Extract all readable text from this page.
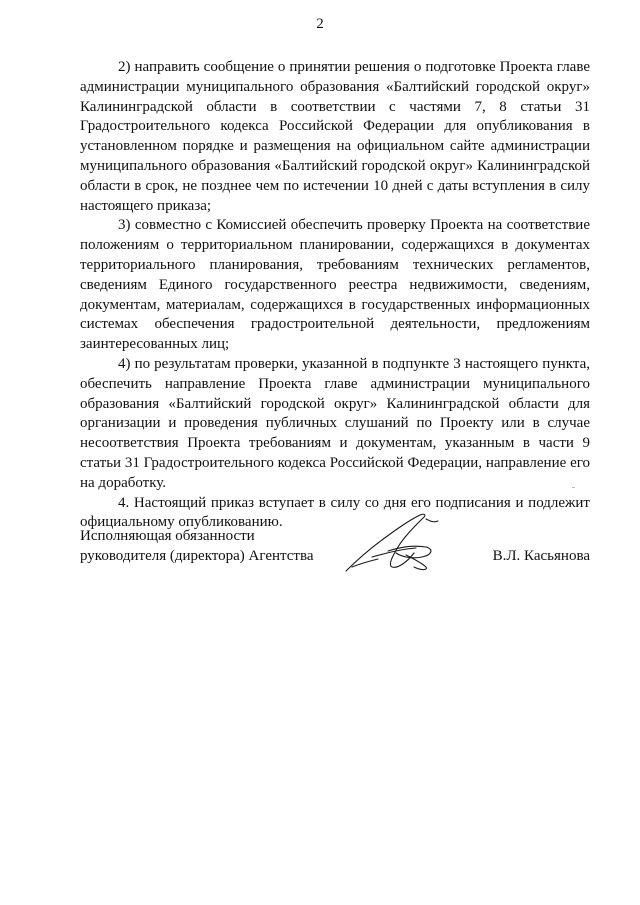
2

2) направить сообщение о принятии решения о подготовке Проекта главе администрации муниципального образования «Балтийский городской округ» Калининградской области в соответствии с частями 7, 8 статьи 31 Градостроительного кодекса Российской Федерации для опубликования в установленном порядке и размещения на официальном сайте администрации муниципального образования «Балтийский городской округ» Калининградской области в срок, не позднее чем по истечении 10 дней с даты вступления в силу настоящего приказа;

3) совместно с Комиссией обеспечить проверку Проекта на соответствие положениям о территориальном планировании, содержащихся в документах территориального планирования, требованиям технических регламентов, сведениям Единого государственного реестра недвижимости, сведениям, документам, материалам, содержащихся в государственных информационных системах обеспечения градостроительной деятельности, предложениям заинтересованных лиц;

4) по результатам проверки, указанной в подпункте 3 настоящего пункта, обеспечить направление Проекта главе администрации муниципального образования «Балтийский городской округ» Калининградской области для организации и проведения публичных слушаний по Проекту или в случае несоответствия Проекта требованиям и документам, указанным в части 9 статьи 31 Градостроительного кодекса Российской Федерации, направление его на доработку.

4. Настоящий приказ вступает в силу со дня его подписания и подлежит официальному опубликованию.

Исполняющая обязанности
руководителя (директора) Агентства	В.Л. Касьянова
